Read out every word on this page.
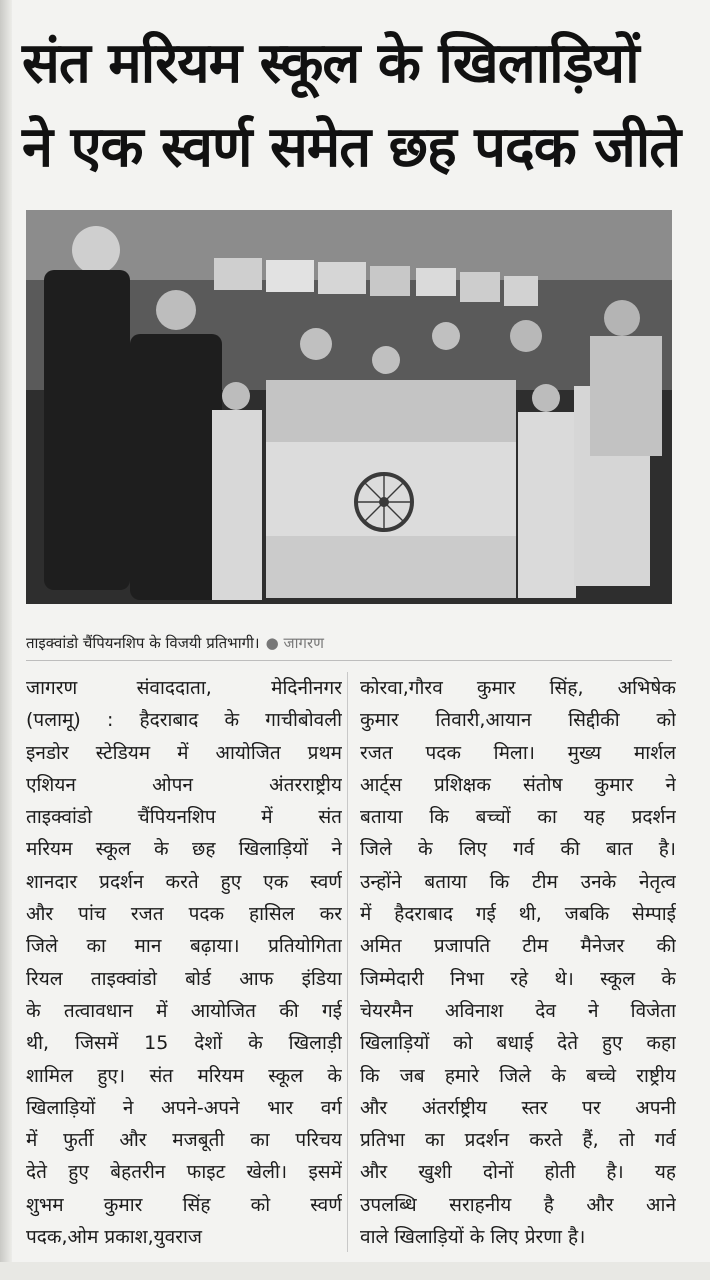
संत मरियम स्कूल के खिलाड़ियों
ने एक स्वर्ण समेत छह पदक जीते
ताइक्वांडो चैंपियनशिप के विजयी प्रतिभागी। ● जागरण
जागरण संवाददाता, मेदिनीनगर
(पलामू) : हैदराबाद के गाचीबोवली
इनडोर स्टेडियम में आयोजित प्रथम
एशियन ओपन अंतरराष्ट्रीय
ताइक्वांडो चैंपियनशिप में संत
मरियम स्कूल के छह खिलाड़ियों ने
शानदार प्रदर्शन करते हुए एक स्वर्ण
और पांच रजत पदक हासिल कर
जिले का मान बढ़ाया। प्रतियोगिता
रियल ताइक्वांडो बोर्ड आफ इंडिया
के तत्वावधान में आयोजित की गई
थी, जिसमें 15 देशों के खिलाड़ी
शामिल हुए। संत मरियम स्कूल के
खिलाड़ियों ने अपने-अपने भार वर्ग
में फुर्ती और मजबूती का परिचय
देते हुए बेहतरीन फाइट खेली। इसमें
शुभम कुमार सिंह को स्वर्ण
पदक,ओम प्रकाश,युवराज
कोरवा,गौरव कुमार सिंह, अभिषेक
कुमार तिवारी,आयान सिद्दीकी को
रजत पदक मिला। मुख्य मार्शल
आर्ट्स प्रशिक्षक संतोष कुमार ने
बताया कि बच्चों का यह प्रदर्शन
जिले के लिए गर्व की बात है।
उन्होंने बताया कि टीम उनके नेतृत्व
में हैदराबाद गई थी, जबकि सेम्पाई
अमित प्रजापति टीम मैनेजर की
जिम्मेदारी निभा रहे थे। स्कूल के
चेयरमैन अविनाश देव ने विजेता
खिलाड़ियों को बधाई देते हुए कहा
कि जब हमारे जिले के बच्चे राष्ट्रीय
और अंतर्राष्ट्रीय स्तर पर अपनी
प्रतिभा का प्रदर्शन करते हैं, तो गर्व
और खुशी दोनों होती है। यह
उपलब्धि सराहनीय है और आने
वाले खिलाड़ियों के लिए प्रेरणा है।
